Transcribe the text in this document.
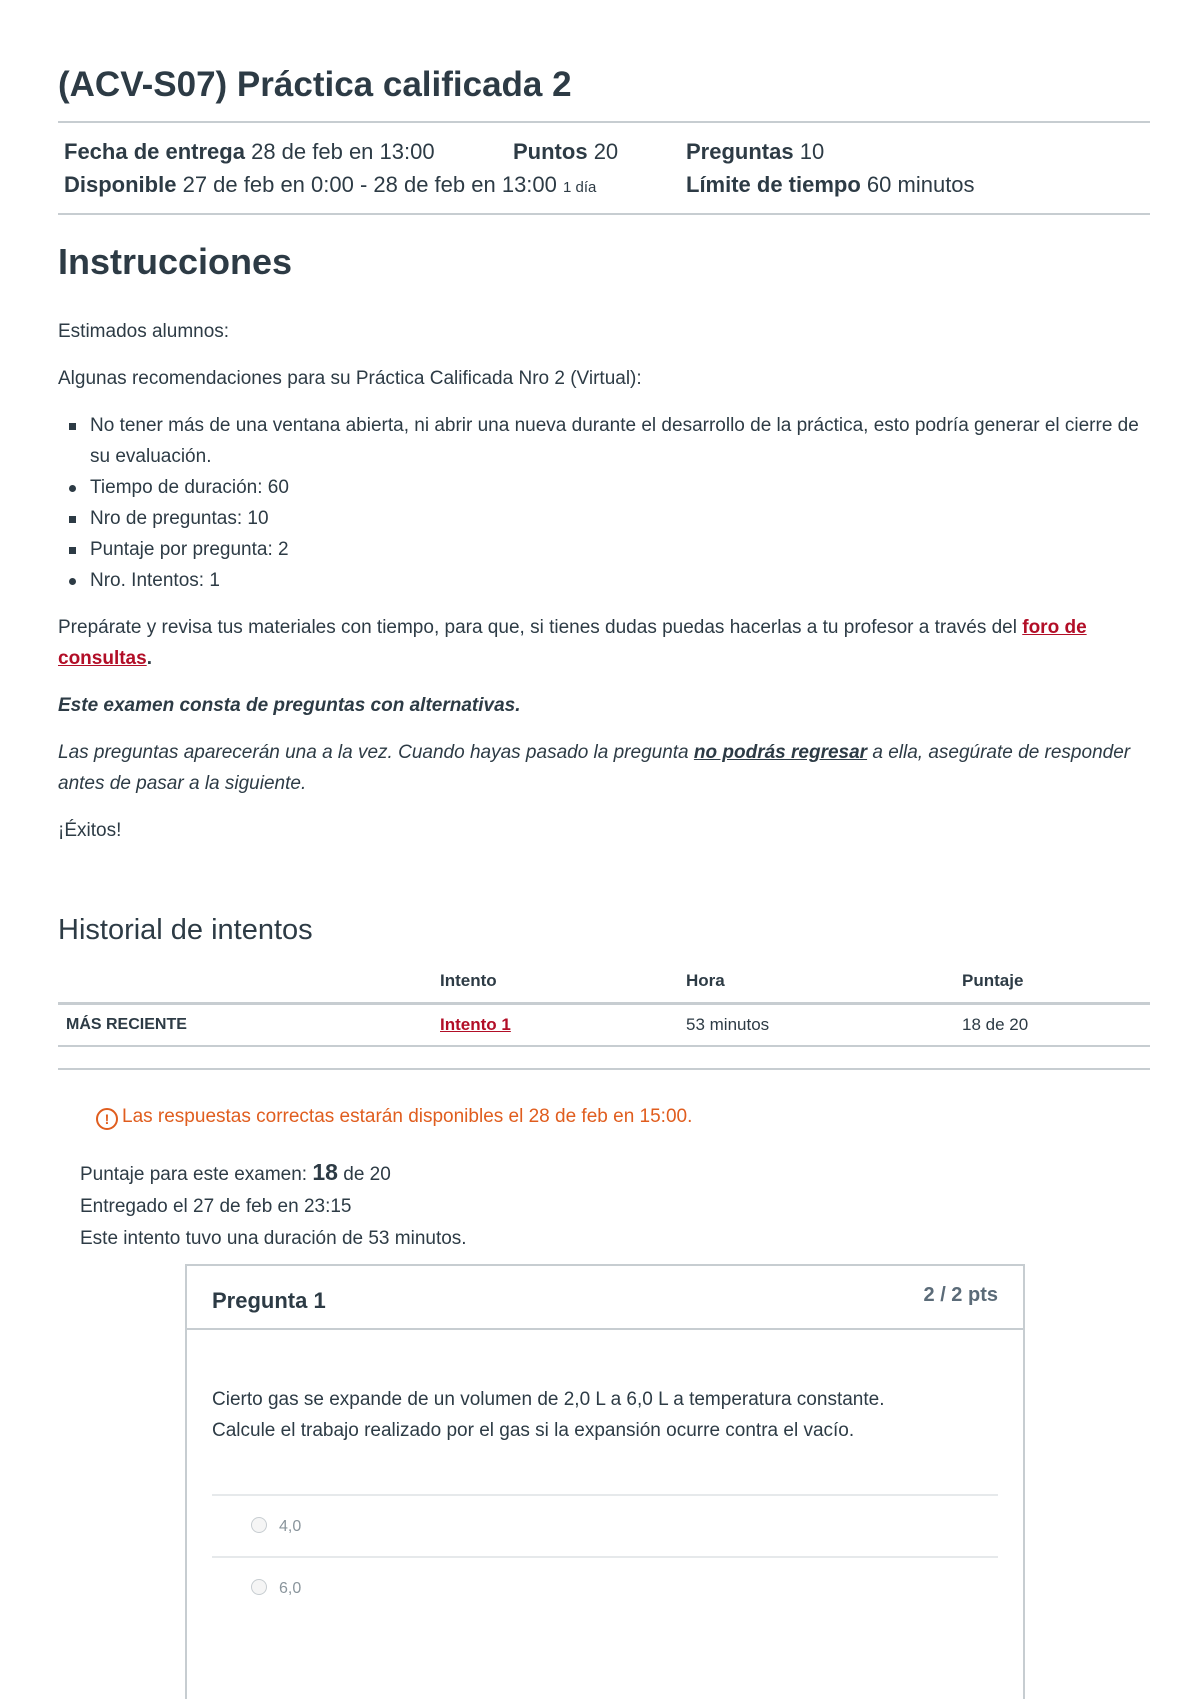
(ACV-S07) Práctica calificada 2
Fecha de entrega 28 de feb en 13:00	Puntos 20	Preguntas 10
Disponible 27 de feb en 0:00 - 28 de feb en 13:00 1 día	Límite de tiempo 60 minutos
Instrucciones

Estimados alumnos:

Algunas recomendaciones para su Práctica Calificada Nro 2 (Virtual):

No tener más de una ventana abierta, ni abrir una nueva durante el desarrollo de la práctica, esto podría generar el cierre de su evaluación.
Tiempo de duración: 60
Nro de preguntas: 10
Puntaje por pregunta: 2
Nro. Intentos: 1

Prepárate y revisa tus materiales con tiempo, para que, si tienes dudas puedas hacerlas a tu profesor a través del foro de consultas.

Este examen consta de preguntas con alternativas.

Las preguntas aparecerán una a la vez. Cuando hayas pasado la pregunta no podrás regresar a ella, asegúrate de responder antes de pasar a la siguiente.

¡Éxitos!

Historial de intentos
	Intento	Hora	Puntaje
MÁS RECIENTE	Intento 1	53 minutos	18 de 20
! Las respuestas correctas estarán disponibles el 28 de feb en 15:00.
Puntaje para este examen: 18 de 20
Entregado el 27 de feb en 23:15
Este intento tuvo una duración de 53 minutos.
Pregunta 1	2 / 2 pts
Cierto gas se expande de un volumen de 2,0 L a 6,0 L a temperatura constante.
Calcule el trabajo realizado por el gas si la expansión ocurre contra el vacío.
4,0
6,0
